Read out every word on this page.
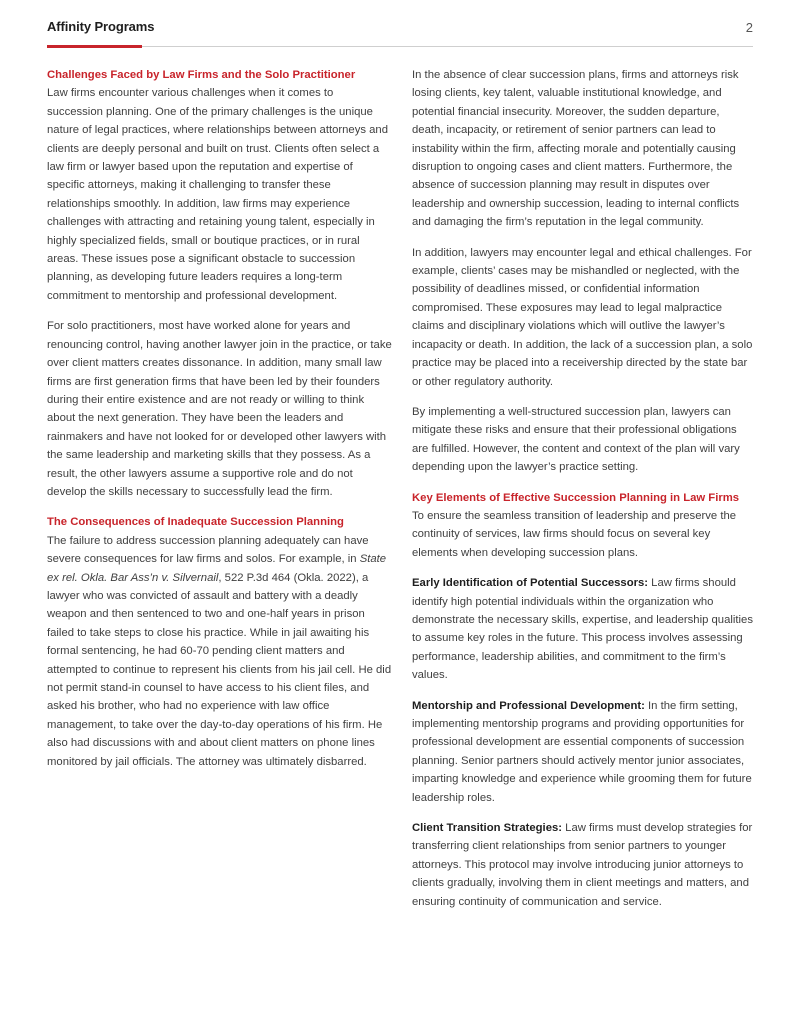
Affinity Programs	2
Challenges Faced by Law Firms and the Solo Practitioner

Law firms encounter various challenges when it comes to succession planning. One of the primary challenges is the unique nature of legal practices, where relationships between attorneys and clients are deeply personal and built on trust. Clients often select a law firm or lawyer based upon the reputation and expertise of specific attorneys, making it challenging to transfer these relationships smoothly. In addition, law firms may experience challenges with attracting and retaining young talent, especially in highly specialized fields, small or boutique practices, or in rural areas. These issues pose a significant obstacle to succession planning, as developing future leaders requires a long-term commitment to mentorship and professional development.

For solo practitioners, most have worked alone for years and renouncing control, having another lawyer join in the practice, or take over client matters creates dissonance. In addition, many small law firms are first generation firms that have been led by their founders during their entire existence and are not ready or willing to think about the next generation. They have been the leaders and rainmakers and have not looked for or developed other lawyers with the same leadership and marketing skills that they possess. As a result, the other lawyers assume a supportive role and do not develop the skills necessary to successfully lead the firm.

The Consequences of Inadequate Succession Planning

The failure to address succession planning adequately can have severe consequences for law firms and solos. For example, in State ex rel. Okla. Bar Ass’n v. Silvernail, 522 P.3d 464 (Okla. 2022), a lawyer who was convicted of assault and battery with a deadly weapon and then sentenced to two and one-half years in prison failed to take steps to close his practice. While in jail awaiting his formal sentencing, he had 60-70 pending client matters and attempted to continue to represent his clients from his jail cell. He did not permit stand-in counsel to have access to his client files, and asked his brother, who had no experience with law office management, to take over the day-to-day operations of his firm. He also had discussions with and about client matters on phone lines monitored by jail officials. The attorney was ultimately disbarred.

In the absence of clear succession plans, firms and attorneys risk losing clients, key talent, valuable institutional knowledge, and potential financial insecurity. Moreover, the sudden departure, death, incapacity, or retirement of senior partners can lead to instability within the firm, affecting morale and potentially causing disruption to ongoing cases and client matters. Furthermore, the absence of succession planning may result in disputes over leadership and ownership succession, leading to internal conflicts and damaging the firm’s reputation in the legal community.

In addition, lawyers may encounter legal and ethical challenges. For example, clients’ cases may be mishandled or neglected, with the possibility of deadlines missed, or confidential information compromised. These exposures may lead to legal malpractice claims and disciplinary violations which will outlive the lawyer’s incapacity or death. In addition, the lack of a succession plan, a solo practice may be placed into a receivership directed by the state bar or other regulatory authority.

By implementing a well-structured succession plan, lawyers can mitigate these risks and ensure that their professional obligations are fulfilled. However, the content and context of the plan will vary depending upon the lawyer’s practice setting.

Key Elements of Effective Succession Planning in Law Firms

To ensure the seamless transition of leadership and preserve the continuity of services, law firms should focus on several key elements when developing succession plans.

Early Identification of Potential Successors: Law firms should identify high potential individuals within the organization who demonstrate the necessary skills, expertise, and leadership qualities to assume key roles in the future. This process involves assessing performance, leadership abilities, and commitment to the firm’s values.

Mentorship and Professional Development: In the firm setting, implementing mentorship programs and providing opportunities for professional development are essential components of succession planning. Senior partners should actively mentor junior associates, imparting knowledge and experience while grooming them for future leadership roles.

Client Transition Strategies: Law firms must develop strategies for transferring client relationships from senior partners to younger attorneys. This protocol may involve introducing junior attorneys to clients gradually, involving them in client meetings and matters, and ensuring continuity of communication and service.
